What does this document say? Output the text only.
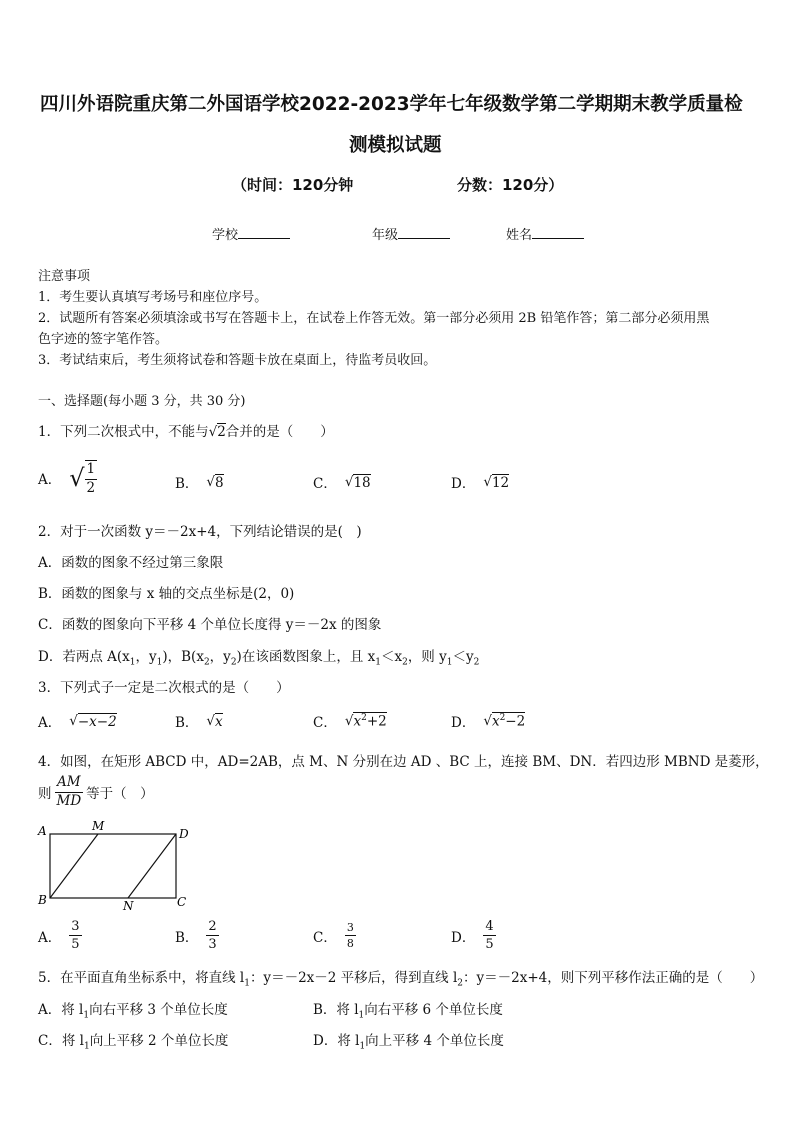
四川外语院重庆第二外国语学校2022-2023学年七年级数学第二学期期末教学质量检
测模拟试题
（时间：120分钟	分数：120分）
学校	年级	姓名
注意事项
1．考生要认真填写考场号和座位序号。
2．试题所有答案必须填涂或书写在答题卡上，在试卷上作答无效。第一部分必须用 2B 铅笔作答；第二部分必须用黑
色字迹的签字笔作答。
3．考试结束后，考生须将试卷和答题卡放在桌面上，待监考员收回。
一、选择题(每小题 3 分，共 30 分)
1．下列二次根式中，不能与√2合并的是（　　）
A． √ $\frac{1}{2}$	B． √ 8	C． √ 18	D． √ 12
2．对于一次函数 y＝－2x+4，下列结论错误的是(　)
A．函数的图象不经过第三象限
B．函数的图象与 x 轴的交点坐标是(2，0)
C．函数的图象向下平移 4 个单位长度得 y＝－2x 的图象
D．若两点 $A(x_1$，$y_1$)，$B(x_2$，$y_2$)在该函数图象上，且 $x_1<x_2$，则 $y_1<y_2$
3．下列式子一定是二次根式的是（　　）
A． √ −x−2	B． √ x	C． √ $x^2+2$	D． √ $x^2-2$
4．如图，在矩形 ABCD 中，AD=2AB，点 M、N 分别在边 AD 、BC 上，连接 BM、DN．若四边形 MBND 是菱形，
则 $\frac{AM}{MD}$ 等于（　）
A	M
D
B	N	C
A． $\frac{3}{5}$	B． $\frac{2}{3}$	C． $\frac{3}{8}$	D． $\frac{4}{5}$
5．在平面直角坐标系中，将直线 $l_1$：y＝－2x－2 平移后，得到直线 $l_2$：y＝－2x+4，则下列平移作法正确的是（　　）
A．将 $l_1$向右平移 3 个单位长度	B．将 $l_1$向右平移 6 个单位长度
C．将 $l_1$向上平移 2 个单位长度	D．将 $l_1$向上平移 4 个单位长度
